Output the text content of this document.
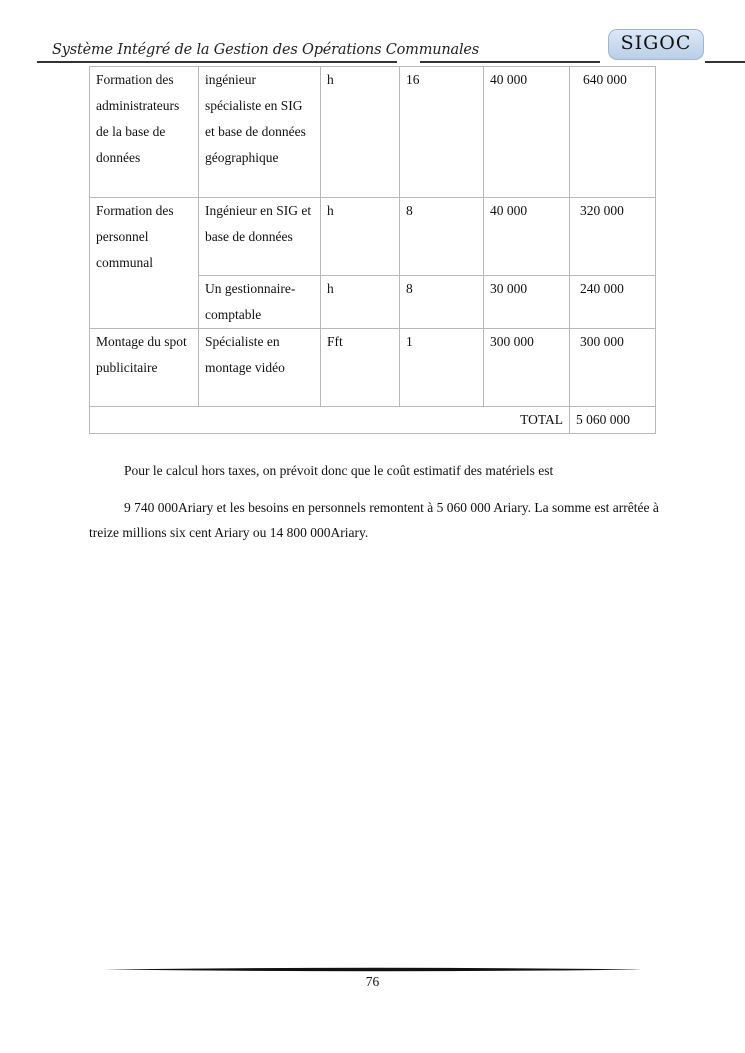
Système Intégré de la Gestion des Opérations Communales	SIGOC
Formation des administrateurs de la base de données	ingénieur spécialiste en SIG et base de données géographique	h	16	40 000	640 000
Formation des personnel communal	Ingénieur en SIG et base de données	h	8	40 000	320 000
	Un gestionnaire-comptable	h	8	30 000	240 000
Montage du spot publicitaire	Spécialiste en montage vidéo	Fft	1	300 000	300 000
TOTAL					5 060 000
Pour le calcul hors taxes, on prévoit donc que le coût estimatif des matériels est
9 740 000Ariary et les besoins en personnels remontent à 5 060 000 Ariary. La somme est arrêtée à treize millions six cent Ariary ou 14 800 000Ariary.
76
